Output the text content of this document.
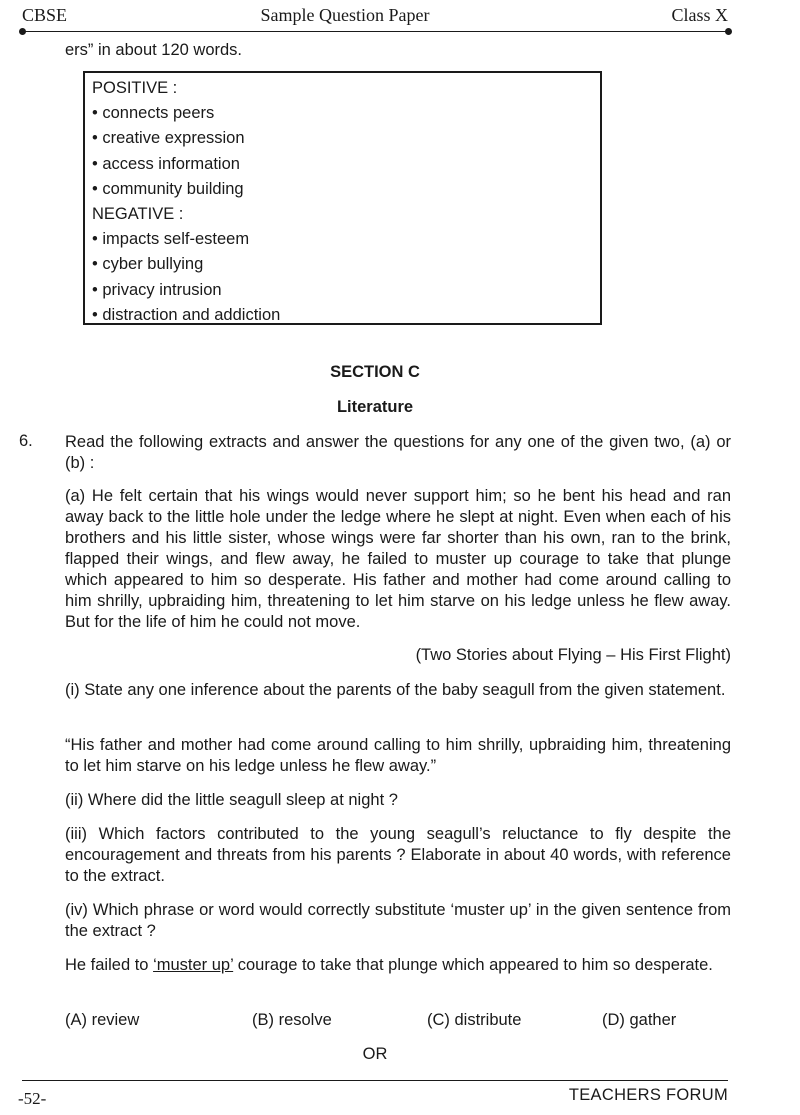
CBSE	Sample Question Paper	Class X
ers” in about 120 words.
POSITIVE :
• connects peers
• creative expression
• access information
• community building
NEGATIVE :
• impacts self-esteem
• cyber bullying
• privacy intrusion
• distraction and addiction
SECTION C
Literature
6. Read the following extracts and answer the questions for any one of the given two, (a) or (b) :
(a) He felt certain that his wings would never support him; so he bent his head and ran away back to the little hole under the ledge where he slept at night. Even when each of his brothers and his little sister, whose wings were far shorter than his own, ran to the brink, flapped their wings, and flew away, he failed to muster up courage to take that plunge which appeared to him so desperate. His father and mother had come around calling to him shrilly, upbraiding him, threatening to let him starve on his ledge unless he flew away. But for the life of him he could not move.
(Two Stories about Flying – His First Flight)
(i) State any one inference about the parents of the baby seagull from the given statement.
“His father and mother had come around calling to him shrilly, upbraiding him, threatening to let him starve on his ledge unless he flew away.”
(ii) Where did the little seagull sleep at night ?
(iii) Which factors contributed to the young seagull’s reluctance to fly despite the encouragement and threats from his parents ? Elaborate in about 40 words, with reference to the extract.
(iv) Which phrase or word would correctly substitute ‘muster up’ in the given sentence from the extract ?
He failed to ‘muster up’ courage to take that plunge which appeared to him so desperate.
(A) review	(B) resolve	(C) distribute	(D) gather
OR
-52-	TEACHERS FORUM
